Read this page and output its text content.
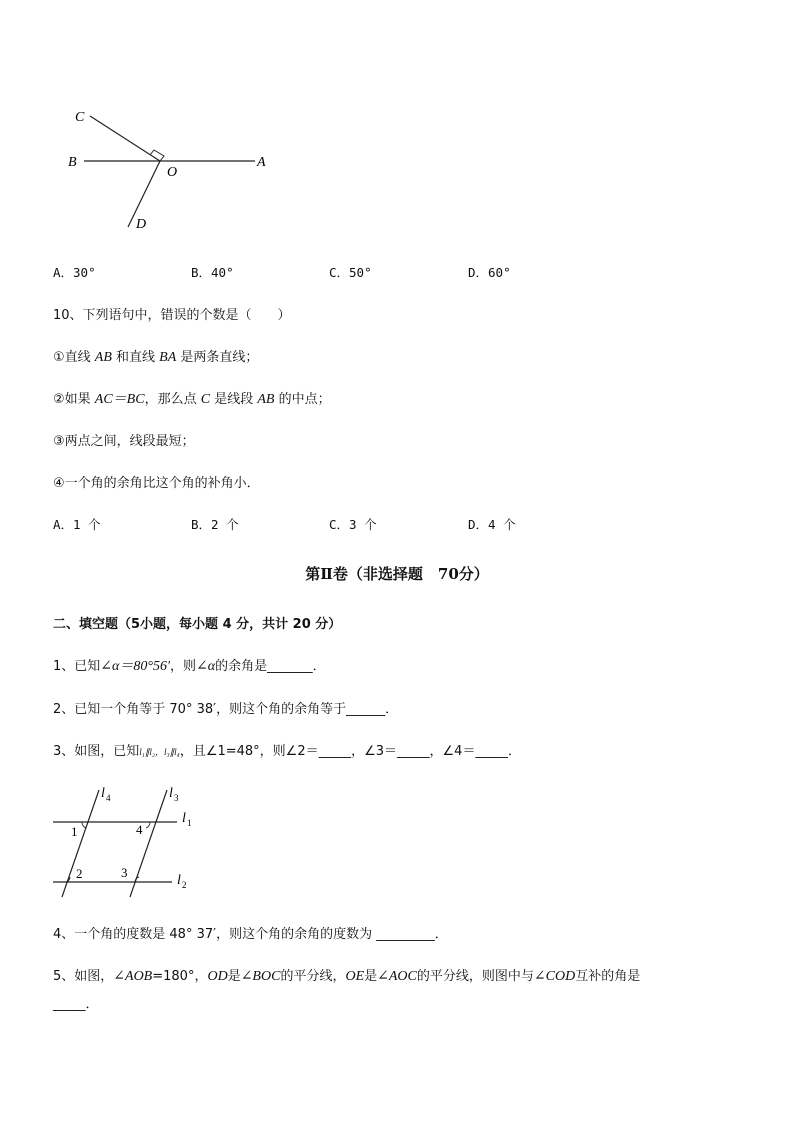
C
B
O
A
D
A．30°	B．40°	C．50°	D．60°
10、下列语句中，错误的个数是（　　）
①直线 AB 和直线 BA 是两条直线；
②如果 AC＝BC，那么点 C 是线段 AB 的中点；
③两点之间，线段最短；
④一个角的余角比这个角的补角小．
A．1 个	B．2 个	C．3 个	D．4 个
第Ⅱ卷（非选择题　70分）
二、填空题（5小题，每小题 4 分，共计 20 分）
1、已知∠α＝80°56′，则∠α的余角是_______．
2、已知一个角等于 70° 38′，则这个角的余角等于______．
3、如图，已知l₁∥l₂，l₃∥l₄，且∠1=48°，则∠2＝_____，∠3＝_____，∠4＝_____．
l 4	l 3
l 1
l 2
1
2	3
4
4、一个角的度数是 48° 37′，则这个角的余角的度数为 _________．
5、如图，∠AOB=180°，OD是∠BOC的平分线，OE是∠AOC的平分线，则图中与∠COD互补的角是
_____．
